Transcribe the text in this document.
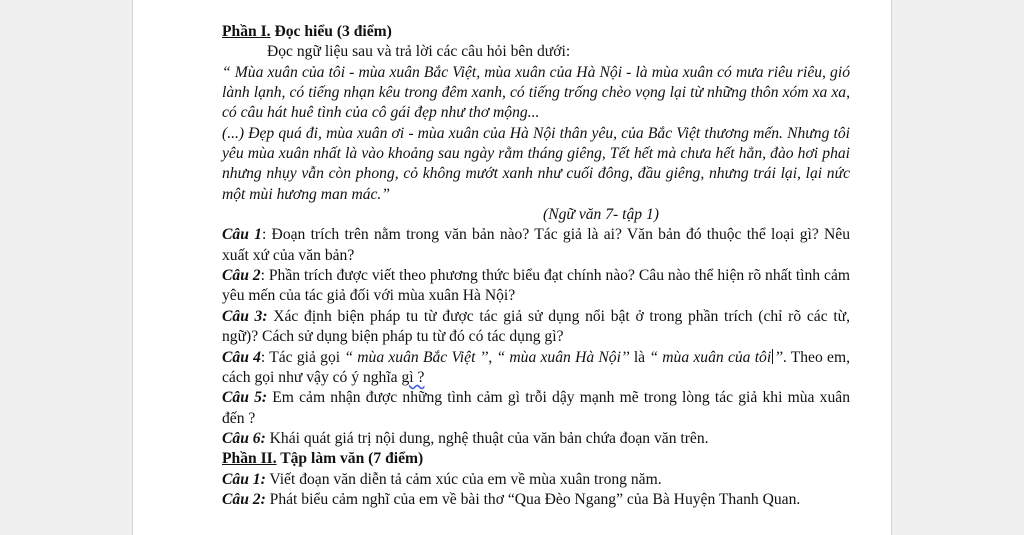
Phần I. Đọc hiểu (3 điểm)

Đọc ngữ liệu sau và trả lời các câu hỏi bên dưới:

“ Mùa xuân của tôi - mùa xuân Bắc Việt, mùa xuân của Hà Nội - là mùa xuân có mưa riêu riêu, gió lành lạnh, có tiếng nhạn kêu trong đêm xanh, có tiếng trống chèo vọng lại từ những thôn xóm xa xa, có câu hát huê tình của cô gái đẹp như thơ mộng...

(...) Đẹp quá đi, mùa xuân ơi - mùa xuân của Hà Nội thân yêu, của Bắc Việt thương mến. Nhưng tôi yêu mùa xuân nhất là vào khoảng sau ngày rằm tháng giêng, Tết hết mà chưa hết hẳn, đào hơi phai nhưng nhụy vẫn còn phong, cỏ không mướt xanh như cuối đông, đầu giêng, nhưng trái lại, lại nức một mùi hương man mác.”

(Ngữ văn 7- tập 1)

Câu 1: Đoạn trích trên nằm trong văn bản nào? Tác giả là ai? Văn bản đó thuộc thể loại gì? Nêu xuất xứ của văn bản?

Câu 2: Phần trích được viết theo phương thức biểu đạt chính nào? Câu nào thể hiện rõ nhất tình cảm yêu mến của tác giả đối với mùa xuân Hà Nội?

Câu 3: Xác định biện pháp tu từ được tác giả sử dụng nổi bật ở trong phần trích (chỉ rõ các từ, ngữ)? Cách sử dụng biện pháp tu từ đó có tác dụng gì?

Câu 4: Tác giả gọi “ mùa xuân Bắc Việt ’’, “ mùa xuân Hà Nội’’ là “ mùa xuân của tôi ’’. Theo em, cách gọi như vậy có ý nghĩa gì ?

Câu 5: Em cảm nhận được những tình cảm gì trỗi dậy mạnh mẽ trong lòng tác giả khi mùa xuân đến ?

Câu 6: Khái quát giá trị nội dung, nghệ thuật của văn bản chứa đoạn văn trên.

Phần II. Tập làm văn (7 điểm)

Câu 1: Viết đoạn văn diễn tả cảm xúc của em về mùa xuân trong năm.

Câu 2: Phát biểu cảm nghĩ của em về bài thơ “Qua Đèo Ngang” của Bà Huyện Thanh Quan.
